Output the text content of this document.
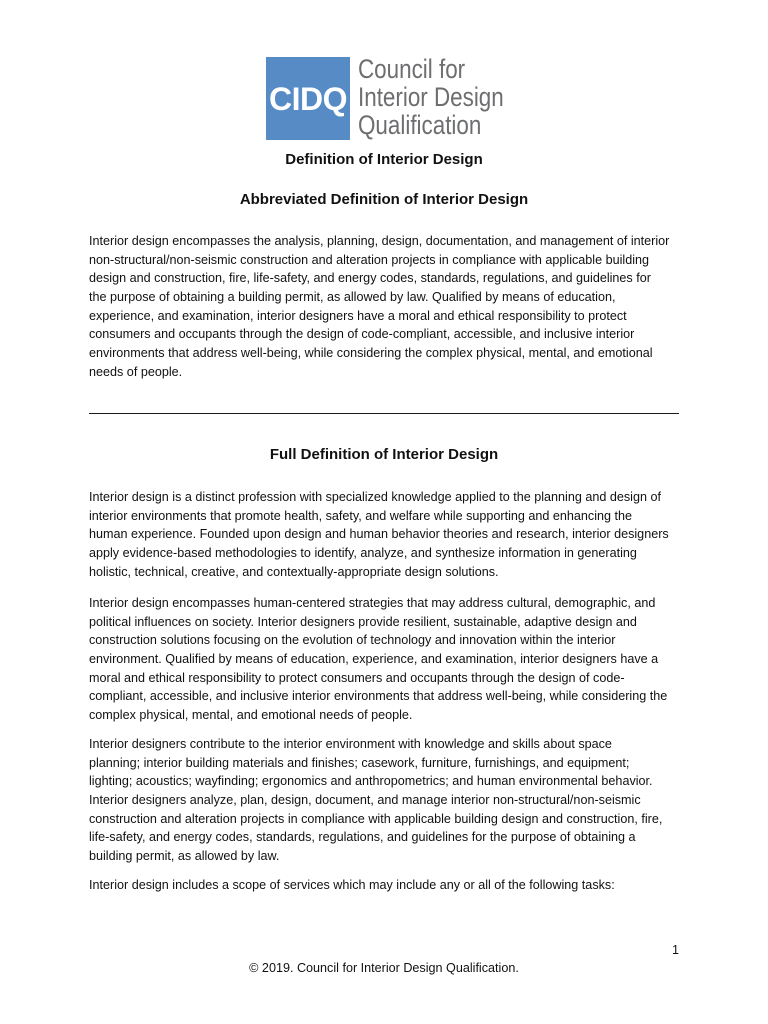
CIDQ
Council for
Interior Design
Qualification
Definition of Interior Design
Abbreviated Definition of Interior Design
Interior design encompasses the analysis, planning, design, documentation, and management of interior
non-structural/non-seismic construction and alteration projects in compliance with applicable building
design and construction, fire, life-safety, and energy codes, standards, regulations, and guidelines for
the purpose of obtaining a building permit, as allowed by law. Qualified by means of education,
experience, and examination, interior designers have a moral and ethical responsibility to protect
consumers and occupants through the design of code-compliant, accessible, and inclusive interior
environments that address well-being, while considering the complex physical, mental, and emotional
needs of people.
Full Definition of Interior Design
Interior design is a distinct profession with specialized knowledge applied to the planning and design of
interior environments that promote health, safety, and welfare while supporting and enhancing the
human experience. Founded upon design and human behavior theories and research, interior designers
apply evidence-based methodologies to identify, analyze, and synthesize information in generating
holistic, technical, creative, and contextually-appropriate design solutions.
Interior design encompasses human-centered strategies that may address cultural, demographic, and
political influences on society. Interior designers provide resilient, sustainable, adaptive design and
construction solutions focusing on the evolution of technology and innovation within the interior
environment. Qualified by means of education, experience, and examination, interior designers have a
moral and ethical responsibility to protect consumers and occupants through the design of code-
compliant, accessible, and inclusive interior environments that address well-being, while considering the
complex physical, mental, and emotional needs of people.
Interior designers contribute to the interior environment with knowledge and skills about space
planning; interior building materials and finishes; casework, furniture, furnishings, and equipment;
lighting; acoustics; wayfinding; ergonomics and anthropometrics; and human environmental behavior.
Interior designers analyze, plan, design, document, and manage interior non-structural/non-seismic
construction and alteration projects in compliance with applicable building design and construction, fire,
life-safety, and energy codes, standards, regulations, and guidelines for the purpose of obtaining a
building permit, as allowed by law.
Interior design includes a scope of services which may include any or all of the following tasks:
1
© 2019. Council for Interior Design Qualification.
